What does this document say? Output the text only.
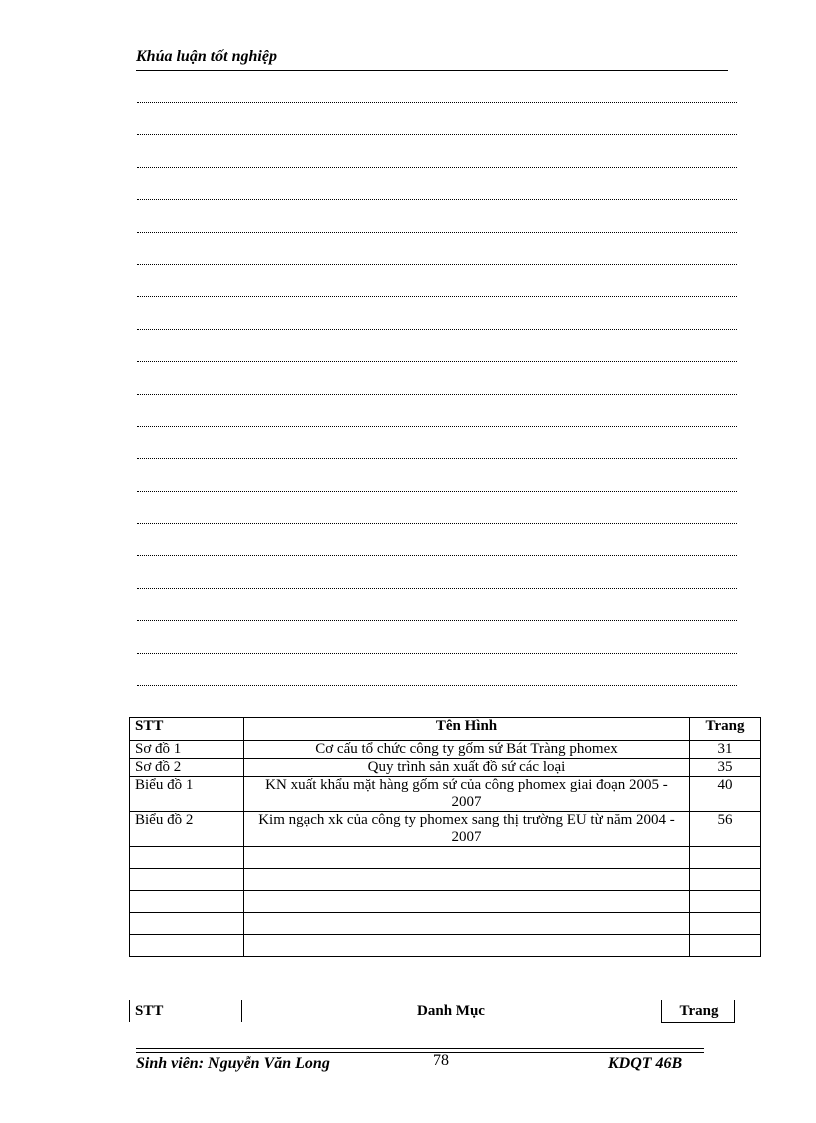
Khúa luận tốt nghiệp
STT	Tên Hình	Trang
Sơ đồ 1	Cơ cấu tổ chức công ty gốm sứ Bát Tràng phomex	31
Sơ đồ 2	Quy trình sản xuất đồ sứ các loại	35
Biểu đồ 1	KN xuất khẩu mặt hàng gốm sứ của công phomex giai đoạn 2005 - 2007	40
Biểu đồ 2	Kim ngạch xk của công ty phomex sang thị trường EU từ năm 2004 - 2007	56

STT	Danh Mục	Trang
Sinh viên: Nguyễn Văn Long	78	KDQT 46B
